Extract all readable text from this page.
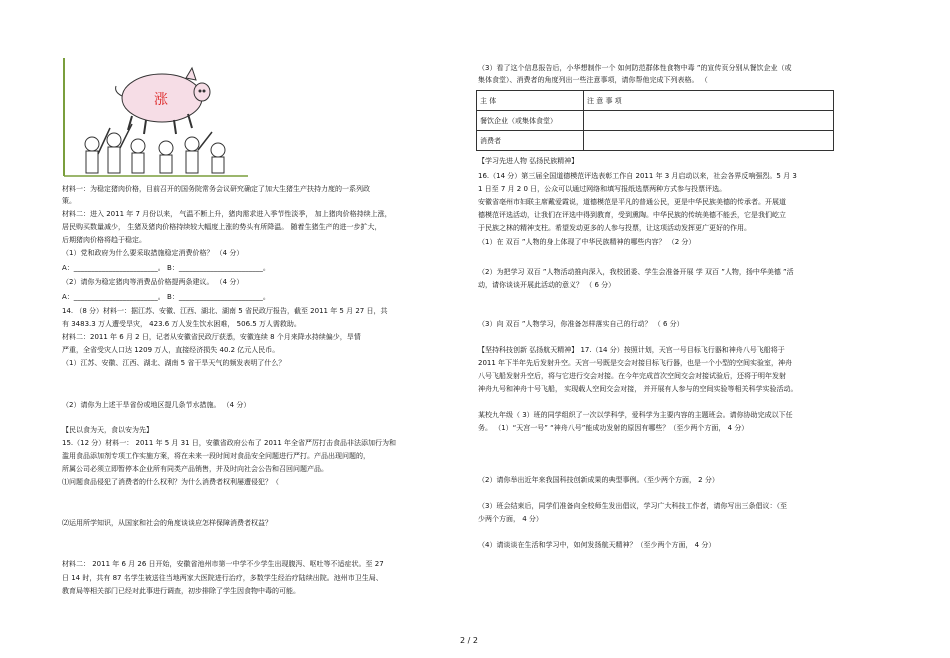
涨
材料一：为稳定猪肉价格，目前召开的国务院常务会议研究确定了加大生猪生产扶持力度的一系列政
策。
材料二：进入 2011 年 7 月份以来， 气温不断上升，猪肉需求进入季节性淡季， 加上猪肉价格持续上涨，
居民购买数量减少， 生猪及猪肉价格持续较大幅度上涨的势头有所降温。 随着生猪生产的进一步扩大，
后期猪肉价格将趋于稳定。
（1）党和政府为什么要采取措施稳定消费价格？ （4 分）
A：________________________。 B：________________________。
（2）请你为稳定猪肉等消费品价格提两条建议。 （4 分）
A：________________________。 B：________________________。
14. （8 分）材料一：据江苏、安徽、江西、湖北、湖南 5 省民政厅报告，截至 2011 年 5 月 27 日，共
有 3483.3 万人遭受旱灾， 423.6 万人发生饮水困难， 506.5 万人需救助。
材料二：2011 年 6 月 2 日，记者从安徽省民政厅获悉，安徽连续 8 个月来降水持续偏少，旱情
严重，全省受灾人口达 1209 万人，直接经济损失 40.2 亿元人民币。
（1）江苏、安徽、江西、湖北、湖南 5 省干旱天气的频发表明了什么？
（2）请你为上述干旱省份或地区提几条节水措施。 （4 分）
【民以食为天，食以安为先】
15.（12 分）材料一： 2011 年 5 月 31 日，安徽省政府公布了 2011 年全省严厉打击食品非法添加行为和
滥用食品添加剂专项工作实施方案，将在未来一段时间对食品安全问题进行严打。产品出现问题的，
所属公司必须立即暂停本企业所有同类产品销售，并及时向社会公告和召回问题产品。
⑴问题食品侵犯了消费者的什么权利？为什么消费者权利屡遭侵犯？（
⑵运用所学知识，从国家和社会的角度谈谈应怎样保障消费者权益？
材料二： 2011 年 6 月 26 日开始，安徽省池州市第一中学不少学生出现腹泻、呕吐等不适症状。至 27
日 14 时，共有 87 名学生被送往当地两家大医院进行治疗，多数学生经治疗陆续出院。池州市卫生局、
教育局等相关部门已经对此事进行调查，初步排除了学生因食物中毒的可能。
（3）看了这个信息报告后，小华想制作一个 如何防范群体性食物中毒 ”的宣传页分别从餐饮企业（或
集体食堂）、消费者的角度列出一些注意事项，请你帮他完成下列表格。 （
【学习先进人物 弘扬民族精神】
16.（14 分）第三届全国道德模范评选表彰工作自 2011 年 3 月启动以来，社会各界反响强烈。5 月 3
1 日至 7 月 2 0 日，公众可以通过网络和填写报纸选票两种方式参与投票评选。
安徽省亳州市妇联主席戴爱霞说，道德模范是平凡的普通公民，更是中华民族美德的传承者。开展道
德模范评选活动，让我们在评选中得到教育，受到熏陶。中华民族的传统美德不能丢，它是我们屹立
于民族之林的精神支柱。希望发动更多的人参与投票，让这项活动发挥更广更好的作用。
（1）在 双百 ”人物的身上体现了中华民族精神的哪些内容？ （2 分）
（2）为把学习 双百 ”人物活动推向深入，我校团委、学生会准备开展 学 双百 ”人物，扬中华美德 ”活
动，请你谈谈开展此活动的意义？ （ 6 分）
（3）向 双百 ”人物学习，你准备怎样落实自己的行动？ （ 6 分）
【坚持科技创新 弘扬航天精神】 17.（14 分）按照计划，天宫一号目标飞行器和神舟八号飞船将于
2011 年下半年先后发射升空。天宫一号既是交会对接目标飞行器，也是一个小型的空间实验室，神舟
八号飞船发射升空后，将与它进行交会对接。在今年完成首次空间交会对接试验后，还将于明年发射
神舟九号和神舟十号飞船， 实现载人空间交会对接， 并开展有人参与的空间实验等相关科学实验活动。
某校九年级（ 3）班的同学组织了一次以学科学，爱科学为主要内容的主题班会。请你协助完成以下任
务。 （1）“天宫一号” “神舟八号”能成功发射的原因有哪些？（至少两个方面， 4 分）
（2）请你举出近年来我国科技创新成果的典型事例。（至少两个方面， 2 分）
（3）班会结束后，同学们准备向全校师生发出倡议，学习广大科技工作者，请你写出三条倡议：（至
少两个方面， 4 分）
（4）请谈谈在生活和学习中，如何发扬航天精神？（至少两个方面， 4 分）
主 体	注 意 事 项
餐饮企业（或集体食堂）	
消费者	
2 / 2
